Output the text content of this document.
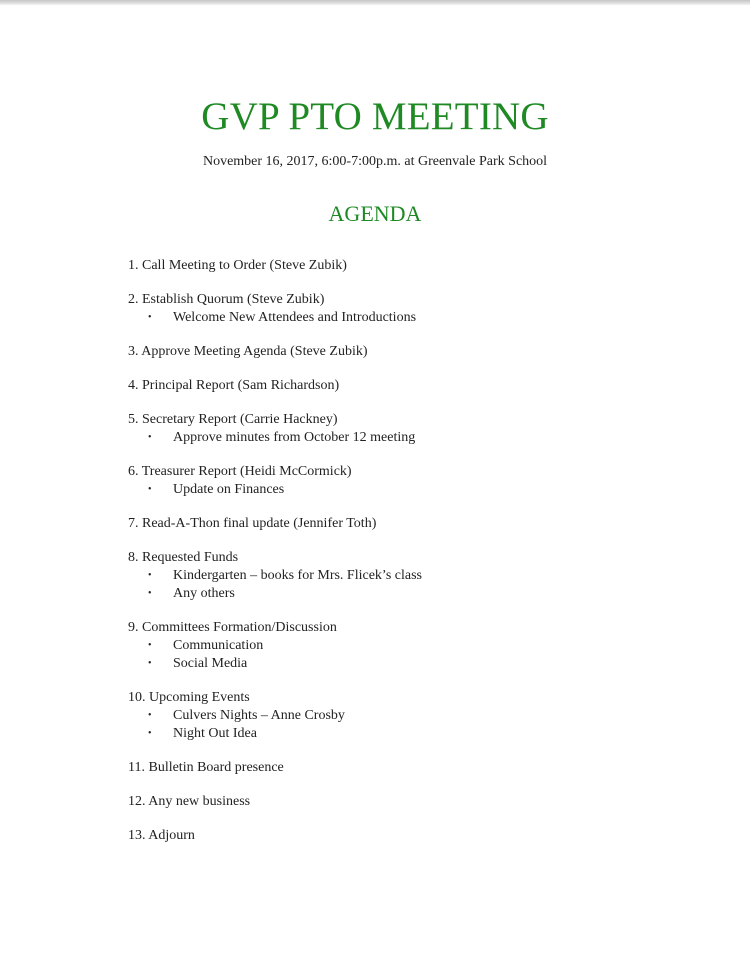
GVP PTO MEETING
November 16, 2017, 6:00-7:00p.m. at Greenvale Park School
AGENDA
1. Call Meeting to Order (Steve Zubik)
2. Establish Quorum (Steve Zubik)
• Welcome New Attendees and Introductions
3. Approve Meeting Agenda (Steve Zubik)
4. Principal Report (Sam Richardson)
5. Secretary Report (Carrie Hackney)
• Approve minutes from October 12 meeting
6. Treasurer Report (Heidi McCormick)
• Update on Finances
7. Read-A-Thon final update (Jennifer Toth)
8. Requested Funds
• Kindergarten – books for Mrs. Flicek’s class
• Any others
9. Committees Formation/Discussion
• Communication
• Social Media
10. Upcoming Events
• Culvers Nights – Anne Crosby
• Night Out Idea
11. Bulletin Board presence
12. Any new business
13. Adjourn
